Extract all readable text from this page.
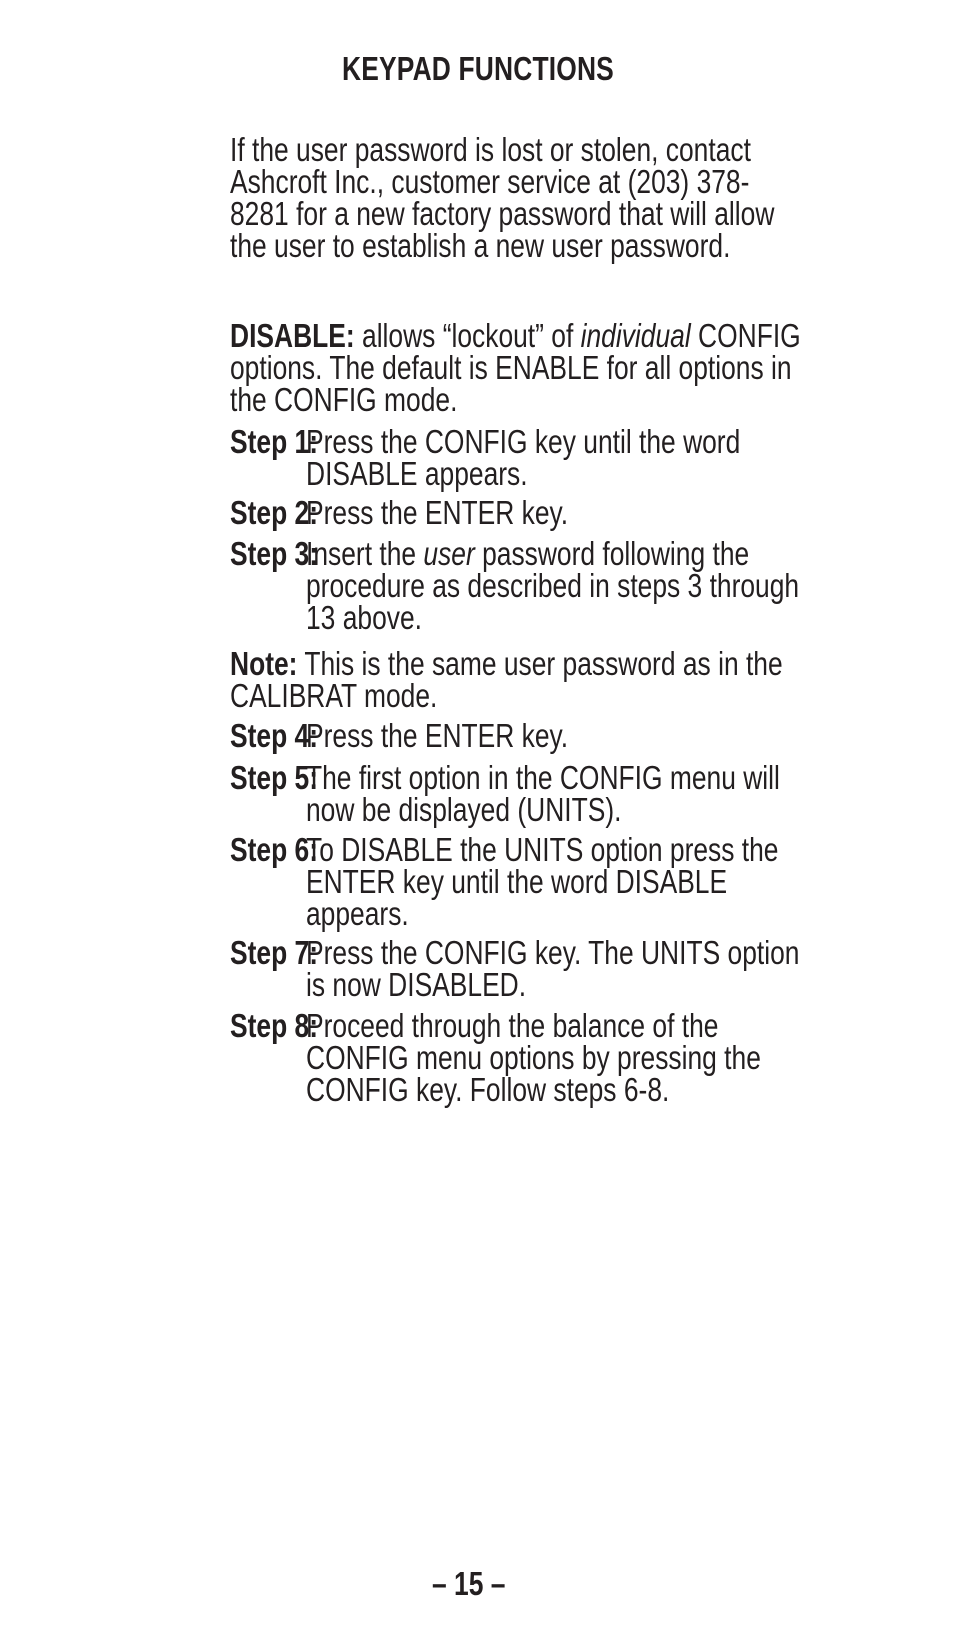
KEYPAD FUNCTIONS
If the user password is lost or stolen, contact
Ashcroft Inc., customer service at (203) 378-
8281 for a new factory password that will allow
the user to establish a new user password.
DISABLE: allows “lockout” of individual CONFIG
options. The default is ENABLE for all options in
the CONFIG mode.
Step 1:
Press the CONFIG key until the word
DISABLE appears.
Step 2:
Press the ENTER key.
Step 3:
Insert the user password following the
procedure as described in steps 3 through
13 above.
Note: This is the same user password as in the
CALIBRAT mode.
Step 4:
Press the ENTER key.
Step 5:
The first option in the CONFIG menu will
now be displayed (UNITS).
Step 6:
To DISABLE the UNITS option press the
ENTER key until the word DISABLE
appears.
Step 7:
Press the CONFIG key. The UNITS option
is now DISABLED.
Step 8:
Proceed through the balance of the
CONFIG menu options by pressing the
CONFIG key. Follow steps 6-8.
– 15 –
